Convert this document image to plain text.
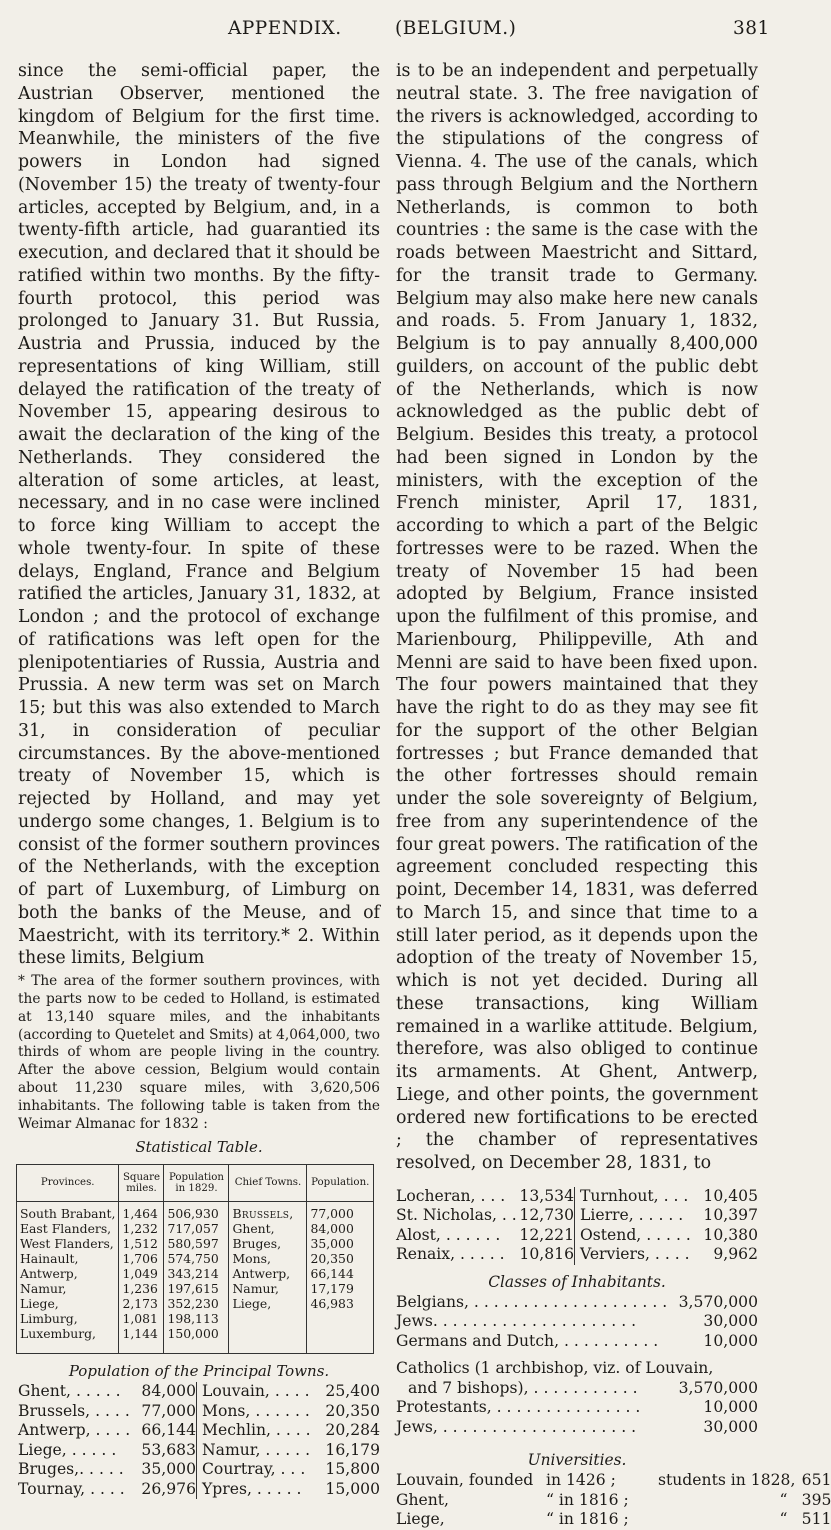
APPENDIX.	(BELGIUM.)	381

since the semi-official paper, the Austrian Observer, mentioned the kingdom of Belgium for the first time. Meanwhile, the ministers of the five powers in London had signed (November 15) the treaty of twenty-four articles, accepted by Belgium, and, in a twenty-fifth article, had guarantied its execution, and declared that it should be ratified within two months. By the fifty-fourth protocol, this period was prolonged to January 31. But Russia, Austria and Prussia, induced by the representations of king William, still delayed the ratification of the treaty of November 15, appearing desirous to await the declaration of the king of the Netherlands. They considered the alteration of some articles, at least, necessary, and in no case were inclined to force king William to accept the whole twenty-four. In spite of these delays, England, France and Belgium ratified the articles, January 31, 1832, at London ; and the protocol of exchange of ratifications was left open for the plenipotentiaries of Russia, Austria and Prussia. A new term was set on March 15; but this was also extended to March 31, in consideration of peculiar circumstances. By the above-mentioned treaty of November 15, which is rejected by Holland, and may yet undergo some changes, 1. Belgium is to consist of the former southern provinces of the Netherlands, with the exception of part of Luxemburg, of Limburg on both the banks of the Meuse, and of Maestricht, with its territory.* 2. Within these limits, Belgium

* The area of the former southern provinces, with the parts now to be ceded to Holland, is estimated at 13,140 square miles, and the inhabitants (according to Quetelet and Smits) at 4,064,000, two thirds of whom are people living in the country. After the above cession, Belgium would contain about 11,230 square miles, with 3,620,506 inhabitants. The following table is taken from the Weimar Almanac for 1832 :

Statistical Table.
Provinces.	Square miles.	Population in 1829.	Chief Towns.	Population.
South Brabant,	1,464	506,930	Brussels,	77,000
East Flanders,	1,232	717,057	Ghent,	84,000
West Flanders,	1,512	580,597	Bruges,	35,000
Hainault,	1,706	574,750	Mons,	20,350
Antwerp,	1,049	343,214	Antwerp,	66,144
Namur,	1,236	197,615	Namur,	17,179
Liege,	2,173	352,230	Liege,	46,983
Limburg,	1,081	198,113		
Luxemburg,	1,144	150,000		
Population of the Principal Towns.
Ghent, . . . . . 84,000
Brussels, . . . . 77,000
Antwerp, . . . . 66,144
Liege, . . . . . 53,683
Bruges,. . . . . 35,000
Tournay, . . . . 26,976
Louvain, . . . . 25,400
Mons, . . . . . . 20,350
Mechlin, . . . . 20,284
Namur, . . . . . 16,179
Courtray, . . . 15,800
Ypres, . . . . . 15,000

is to be an independent and perpetually neutral state. 3. The free navigation of the rivers is acknowledged, according to the stipulations of the congress of Vienna. 4. The use of the canals, which pass through Belgium and the Northern Netherlands, is common to both countries : the same is the case with the roads between Maestricht and Sittard, for the transit trade to Germany. Belgium may also make here new canals and roads. 5. From January 1, 1832, Belgium is to pay annually 8,400,000 guilders, on account of the public debt of the Netherlands, which is now acknowledged as the public debt of Belgium. Besides this treaty, a protocol had been signed in London by the ministers, with the exception of the French minister, April 17, 1831, according to which a part of the Belgic fortresses were to be razed. When the treaty of November 15 had been adopted by Belgium, France insisted upon the fulfilment of this promise, and Marienbourg, Philippeville, Ath and Menni are said to have been fixed upon. The four powers maintained that they have the right to do as they may see fit for the support of the other Belgian fortresses ; but France demanded that the other fortresses should remain under the sole sovereignty of Belgium, free from any superintendence of the four great powers. The ratification of the agreement concluded respecting this point, December 14, 1831, was deferred to March 15, and since that time to a still later period, as it depends upon the adoption of the treaty of November 15, which is not yet decided. During all these transactions, king William remained in a warlike attitude. Belgium, therefore, was also obliged to continue its armaments. At Ghent, Antwerp, Liege, and other points, the government ordered new fortifications to be erected ; the chamber of representatives resolved, on December 28, 1831, to

Locheran, . . . 13,534
St. Nicholas, . . 12,730
Alost, . . . . . . 12,221
Renaix, . . . . . 10,816
Turnhout, . . . 10,405
Lierre, . . . . . 10,397
Ostend, . . . . . 10,380
Verviers, . . . . 9,962
Classes of Inhabitants.
Belgians, . . . . . . . . . . . . . . . . . . . . 3,570,000
Jews. . . . . . . . . . . . . . . . . . . . .	30,000
Germans and Dutch, . . . . . . . . . .	10,000
Catholics (1 archbishop, viz. of Louvain,
and 7 bishops), . . . . . . . . . . .	3,570,000
Protestants, . . . . . . . . . . . . . . .	10,000
Jews, . . . . . . . . . . . . . . . . . . . .	30,000
Universities.
Louvain, founded in 1426 ;	students in 1828, 651
Ghent,	“ in 1816 ;	“ 395
Liege,	“ in 1816 ;	“ 511
